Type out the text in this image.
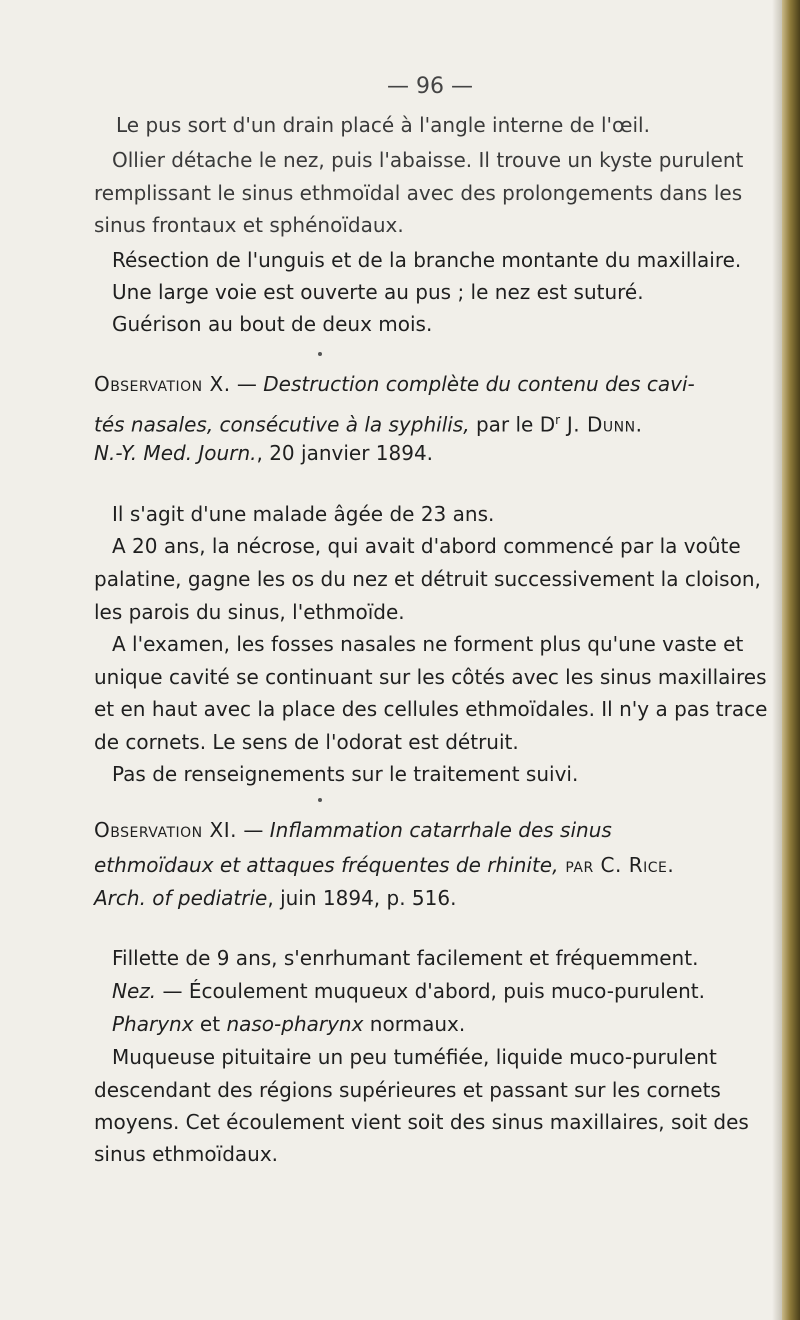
— 96 —
Le pus sort d'un drain placé à l'angle interne de l'œil.
Ollier détache le nez, puis l'abaisse. Il trouve un kyste purulent
remplissant le sinus ethmoïdal avec des prolongements dans les
sinus frontaux et sphénoïdaux.
Résection de l'unguis et de la branche montante du maxillaire.
Une large voie est ouverte au pus ; le nez est suturé.
Guérison au bout de deux mois.
Observation X. — Destruction complète du contenu des cavi-
tés nasales, consécutive à la syphilis, par le $D^r$ J. Dunn.
N.-Y. Med. Journ., 20 janvier 1894.
Il s'agit d'une malade âgée de 23 ans.
A 20 ans, la nécrose, qui avait d'abord commencé par la voûte
palatine, gagne les os du nez et détruit successivement la cloison,
les parois du sinus, l'ethmoïde.
A l'examen, les fosses nasales ne forment plus qu'une vaste et
unique cavité se continuant sur les côtés avec les sinus maxillaires
et en haut avec la place des cellules ethmoïdales. Il n'y a pas trace
de cornets. Le sens de l'odorat est détruit.
Pas de renseignements sur le traitement suivi.
Observation XI. — Inflammation catarrhale des sinus
ethmoïdaux et attaques fréquentes de rhinite, par C. Rice.
Arch. of pediatrie, juin 1894, p. 516.
Fillette de 9 ans, s'enrhumant facilement et fréquemment.
Nez. — Écoulement muqueux d'abord, puis muco-purulent.
Pharynx et naso-pharynx normaux.
Muqueuse pituitaire un peu tuméfiée, liquide muco-purulent
descendant des régions supérieures et passant sur les cornets
moyens. Cet écoulement vient soit des sinus maxillaires, soit des
sinus ethmoïdaux.
